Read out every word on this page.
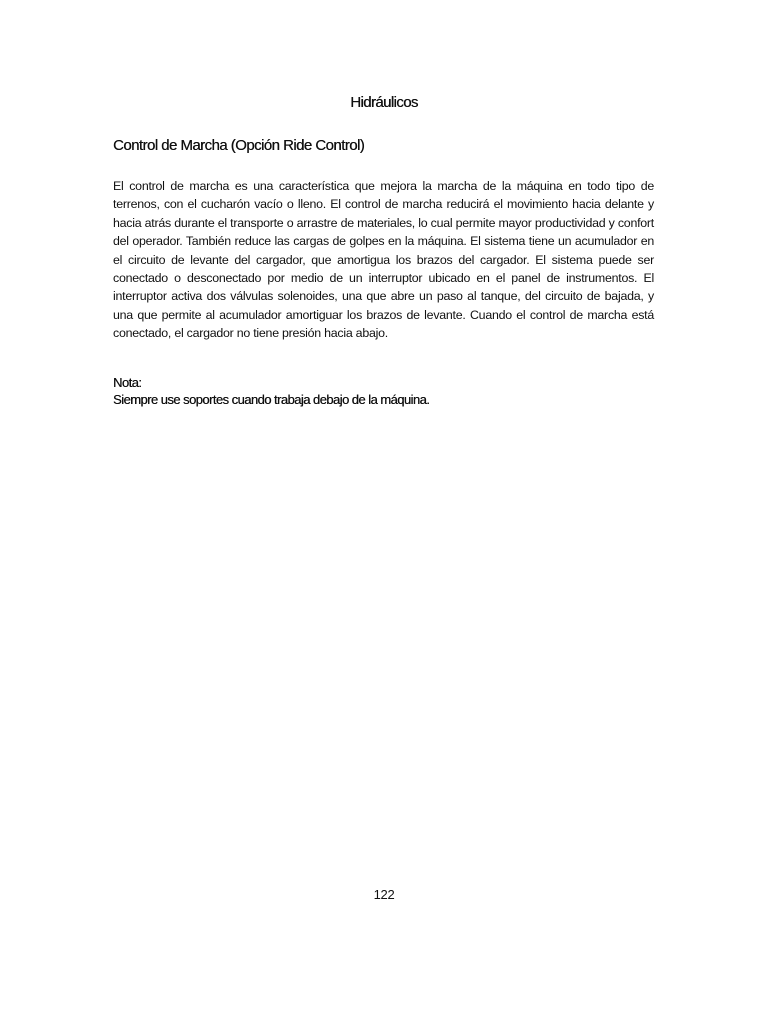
Hidráulicos
Control de Marcha (Opción Ride Control)

El control de marcha es una característica que mejora la marcha de la máquina en todo tipo de terrenos, con el cucharón vacío o lleno. El control de marcha reducirá el movimiento hacia delante y hacia atrás durante el transporte o arrastre de materiales, lo cual permite mayor productividad y confort del operador. También reduce las cargas de golpes en la máquina. El sistema tiene un acumulador en el circuito de levante del cargador, que amortigua los brazos del cargador. El sistema puede ser conectado o desconectado por medio de un interruptor ubicado en el panel de instrumentos. El interruptor activa dos válvulas solenoides, una que abre un paso al tanque, del circuito de bajada, y una que permite al acumulador amortiguar los brazos de levante. Cuando el control de marcha está conectado, el cargador no tiene presión hacia abajo.

Nota:
Siempre use soportes cuando trabaja debajo de la máquina.
122
